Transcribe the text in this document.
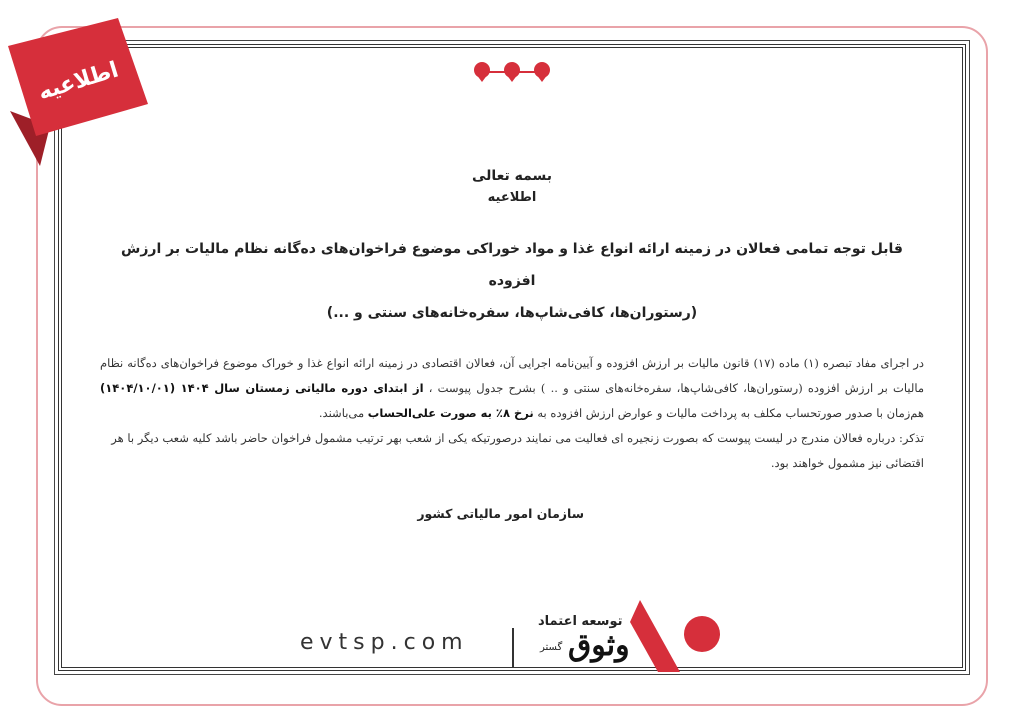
اطلاعیه
بسمه تعالی
اطلاعیه
قابل توجه تمامی فعالان در زمینه ارائه انواع غذا و مواد خوراکی موضوع فراخوان‌های ده‌گانه نظام مالیات بر ارزش افزوده
(رستوران‌ها، کافی‌شاپ‌ها، سفره‌خانه‌های سنتی و ...)
در اجرای مفاد تبصره (۱) ماده (۱۷) قانون مالیات بر ارزش افزوده و آیین‌نامه اجرایی آن، فعالان اقتصادی در زمینه ارائه انواع غذا و خوراک موضوع فراخوان‌های ده‌گانه نظام مالیات بر ارزش افزوده (رستوران‌ها، کافی‌شاپ‌ها، سفره‌خانه‌های سنتی و .. ) بشرح جدول پیوست ، از ابتدای دوره مالیاتی زمستان سال ۱۴۰۴ (۱۴۰۴/۱۰/۰۱) هم‌زمان با صدور صورتحساب مکلف به پرداخت مالیات و عوارض ارزش افزوده به نرخ ۸٪ به صورت علی‌الحساب می‌باشند.
تذکر: درباره فعالان مندرج در لیست پیوست که بصورت زنجیره ای فعالیت می نمایند درصورتیکه یکی از شعب بهر ترتیب مشمول فراخوان حاضر باشد کلیه شعب دیگر با هر اقتضائی نیز مشمول خواهند بود.
سازمان امور مالیاتی کشور
evtsp.com
توسعه اعتماد
گستر وثوق
